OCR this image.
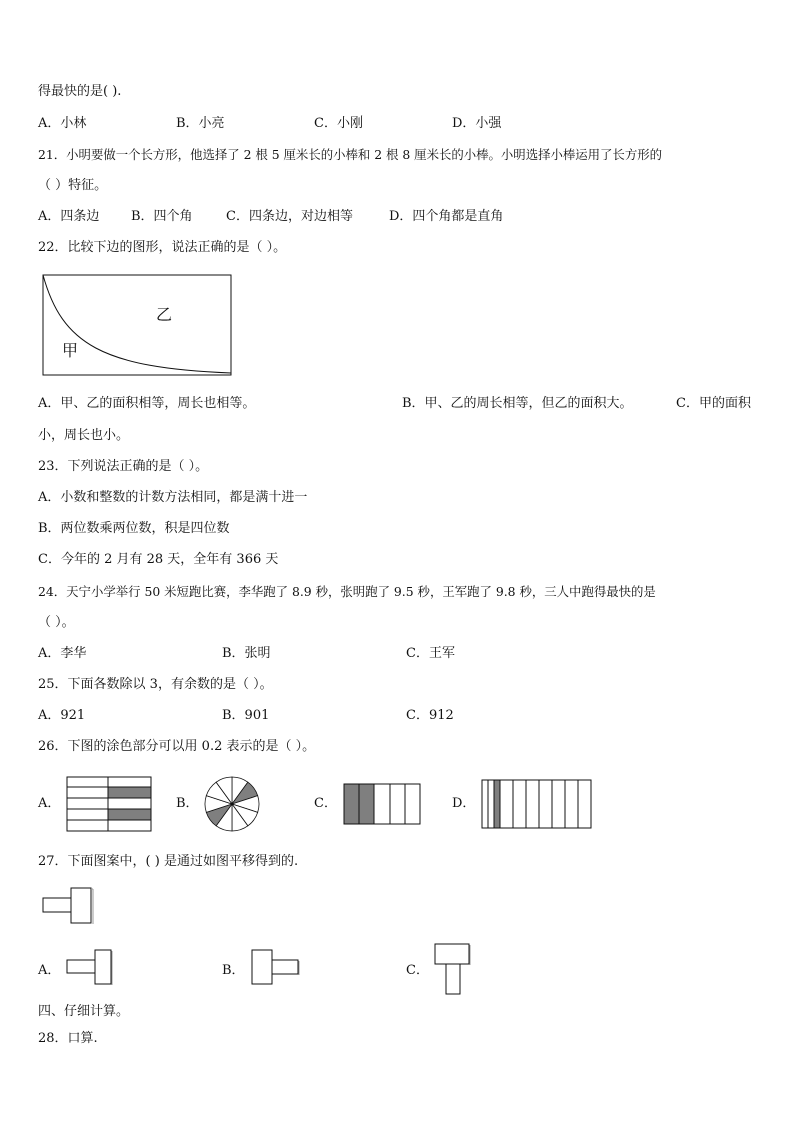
得最快的是( ).
A．小林	B．小亮	C．小刚	D．小强
21．小明要做一个长方形，他选择了 2 根 5 厘米长的小棒和 2 根 8 厘米长的小棒。小明选择小棒运用了长方形的
（ ）特征。
A．四条边 B．四个角	C．四条边，对边相等	D．四个角都是直角
22．比较下边的图形，说法正确的是（ ）。
乙
甲
A．甲、乙的面积相等，周长也相等。	B．甲、乙的周长相等，但乙的面积大。	C．甲的面积
小，周长也小。
23．下列说法正确的是（ ）。
A．小数和整数的计数方法相同，都是满十进一
B．两位数乘两位数，积是四位数
C．今年的 2 月有 28 天，全年有 366 天
24．天宁小学举行 50 米短跑比赛，李华跑了 8.9 秒，张明跑了 9.5 秒，王军跑了 9.8 秒，三人中跑得最快的是
（ ）。
A．李华	B．张明	C．王军
25．下面各数除以 3，有余数的是（ ）。
A．921	B．901	C．912
26．下图的涂色部分可以用 0.2 表示的是（ ）。
A．	B．	C．	D．
27．下面图案中，( ) 是通过如图平移得到的.
A．	B．	C．
四、仔细计算。
28．口算.
